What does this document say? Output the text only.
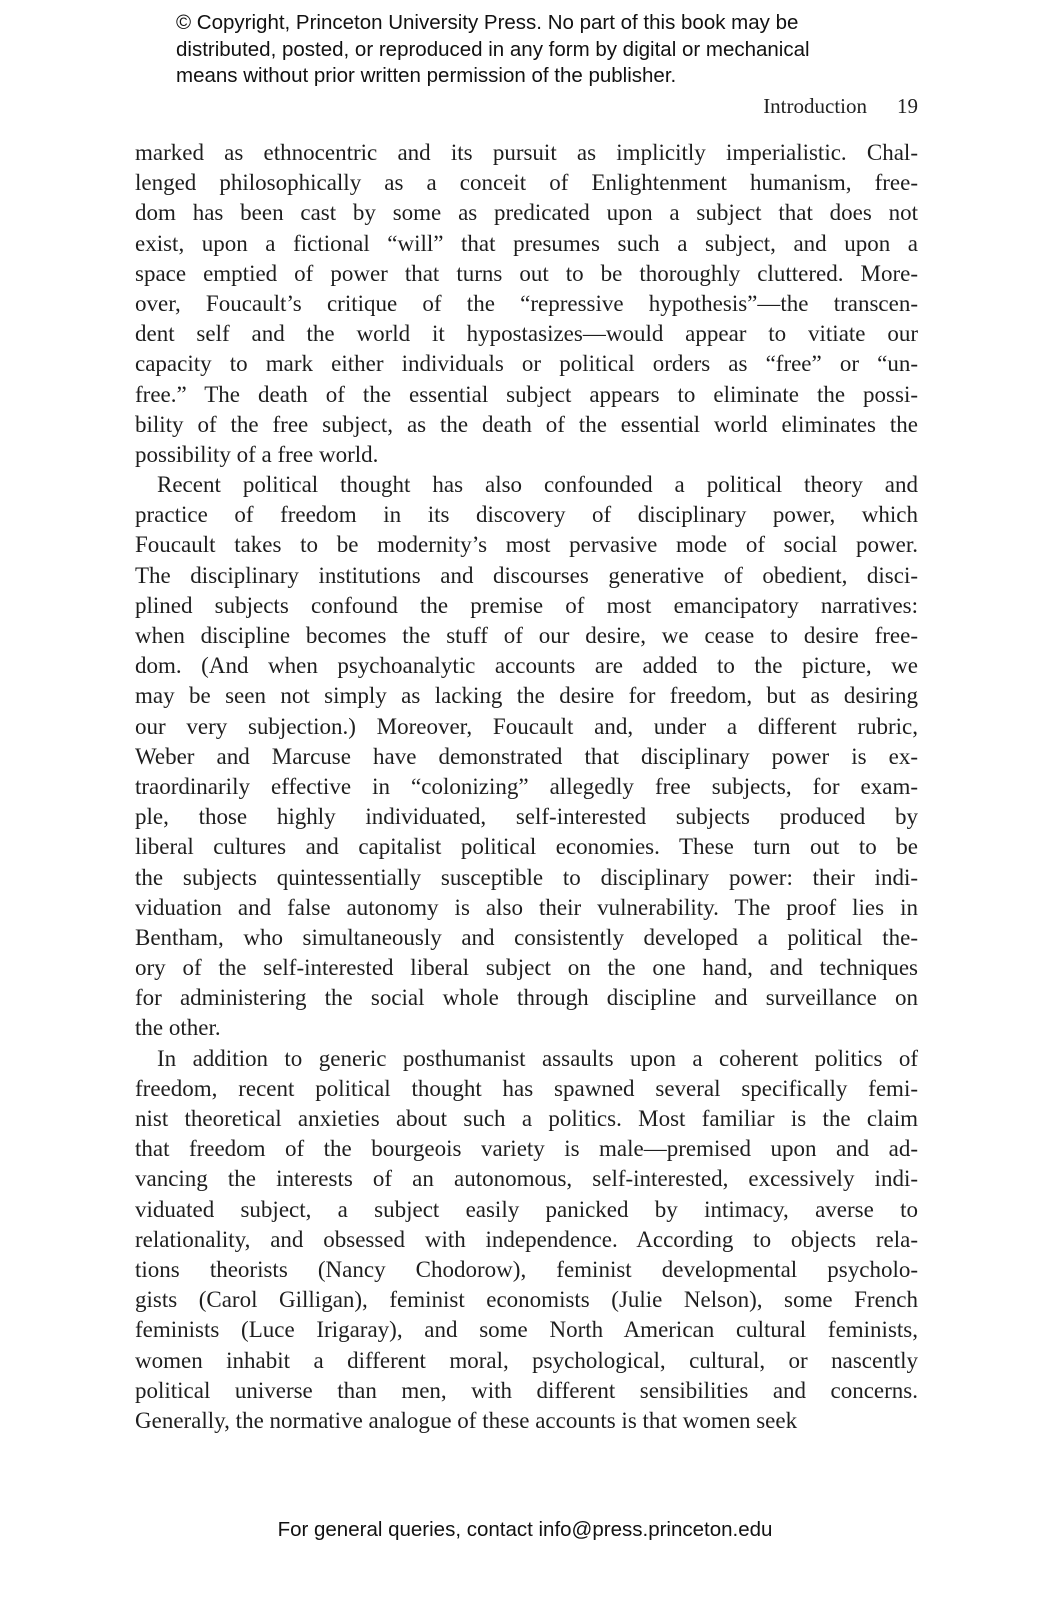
© Copyright, Princeton University Press. No part of this book may be
distributed, posted, or reproduced in any form by digital or mechanical
means without prior written permission of the publisher.
Introduction 19
marked as ethnocentric and its pursuit as implicitly imperialistic. Chal-
lenged philosophically as a conceit of Enlightenment humanism, free-
dom has been cast by some as predicated upon a subject that does not
exist, upon a fictional “will” that presumes such a subject, and upon a
space emptied of power that turns out to be thoroughly cluttered. More-
over, Foucault’s critique of the “repressive hypothesis”—the transcen-
dent self and the world it hypostasizes—would appear to vitiate our
capacity to mark either individuals or political orders as “free” or “un-
free.” The death of the essential subject appears to eliminate the possi-
bility of the free subject, as the death of the essential world eliminates the
possibility of a free world.
Recent political thought has also confounded a political theory and
practice of freedom in its discovery of disciplinary power, which
Foucault takes to be modernity’s most pervasive mode of social power.
The disciplinary institutions and discourses generative of obedient, disci-
plined subjects confound the premise of most emancipatory narratives:
when discipline becomes the stuff of our desire, we cease to desire free-
dom. (And when psychoanalytic accounts are added to the picture, we
may be seen not simply as lacking the desire for freedom, but as desiring
our very subjection.) Moreover, Foucault and, under a different rubric,
Weber and Marcuse have demonstrated that disciplinary power is ex-
traordinarily effective in “colonizing” allegedly free subjects, for exam-
ple, those highly individuated, self-interested subjects produced by
liberal cultures and capitalist political economies. These turn out to be
the subjects quintessentially susceptible to disciplinary power: their indi-
viduation and false autonomy is also their vulnerability. The proof lies in
Bentham, who simultaneously and consistently developed a political the-
ory of the self-interested liberal subject on the one hand, and techniques
for administering the social whole through discipline and surveillance on
the other.
In addition to generic posthumanist assaults upon a coherent politics of
freedom, recent political thought has spawned several specifically femi-
nist theoretical anxieties about such a politics. Most familiar is the claim
that freedom of the bourgeois variety is male—premised upon and ad-
vancing the interests of an autonomous, self-interested, excessively indi-
viduated subject, a subject easily panicked by intimacy, averse to
relationality, and obsessed with independence. According to objects rela-
tions theorists (Nancy Chodorow), feminist developmental psycholo-
gists (Carol Gilligan), feminist economists (Julie Nelson), some French
feminists (Luce Irigaray), and some North American cultural feminists,
women inhabit a different moral, psychological, cultural, or nascently
political universe than men, with different sensibilities and concerns.
Generally, the normative analogue of these accounts is that women seek
For general queries, contact info@press.princeton.edu
